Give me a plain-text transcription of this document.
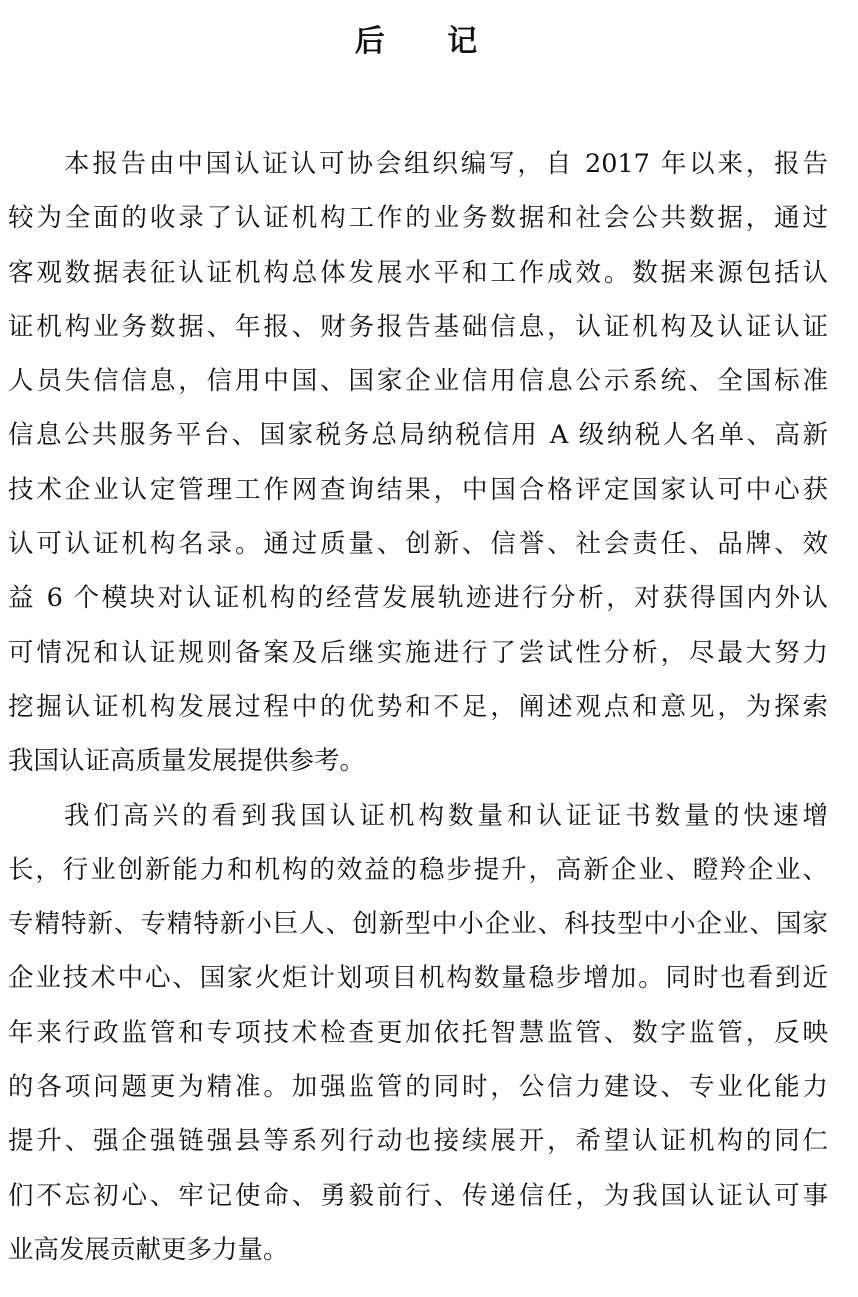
后 记
本报告由中国认证认可协会组织编写，自 2017 年以来，报告
较为全面的收录了认证机构工作的业务数据和社会公共数据，通过
客观数据表征认证机构总体发展水平和工作成效。数据来源包括认
证机构业务数据、年报、财务报告基础信息，认证机构及认证认证
人员失信信息，信用中国、国家企业信用信息公示系统、全国标准
信息公共服务平台、国家税务总局纳税信用 A 级纳税人名单、高新
技术企业认定管理工作网查询结果，中国合格评定国家认可中心获
认可认证机构名录。通过质量、创新、信誉、社会责任、品牌、效
益 6 个模块对认证机构的经营发展轨迹进行分析，对获得国内外认
可情况和认证规则备案及后继实施进行了尝试性分析，尽最大努力
挖掘认证机构发展过程中的优势和不足，阐述观点和意见，为探索
我国认证高质量发展提供参考。
我们高兴的看到我国认证机构数量和认证证书数量的快速增
长，行业创新能力和机构的效益的稳步提升，高新企业、瞪羚企业、
专精特新、专精特新小巨人、创新型中小企业、科技型中小企业、国家
企业技术中心、国家火炬计划项目机构数量稳步增加。同时也看到近
年来行政监管和专项技术检查更加依托智慧监管、数字监管，反映
的各项问题更为精准。加强监管的同时，公信力建设、专业化能力
提升、强企强链强县等系列行动也接续展开，希望认证机构的同仁
们不忘初心、牢记使命、勇毅前行、传递信任，为我国认证认可事
业高发展贡献更多力量。
